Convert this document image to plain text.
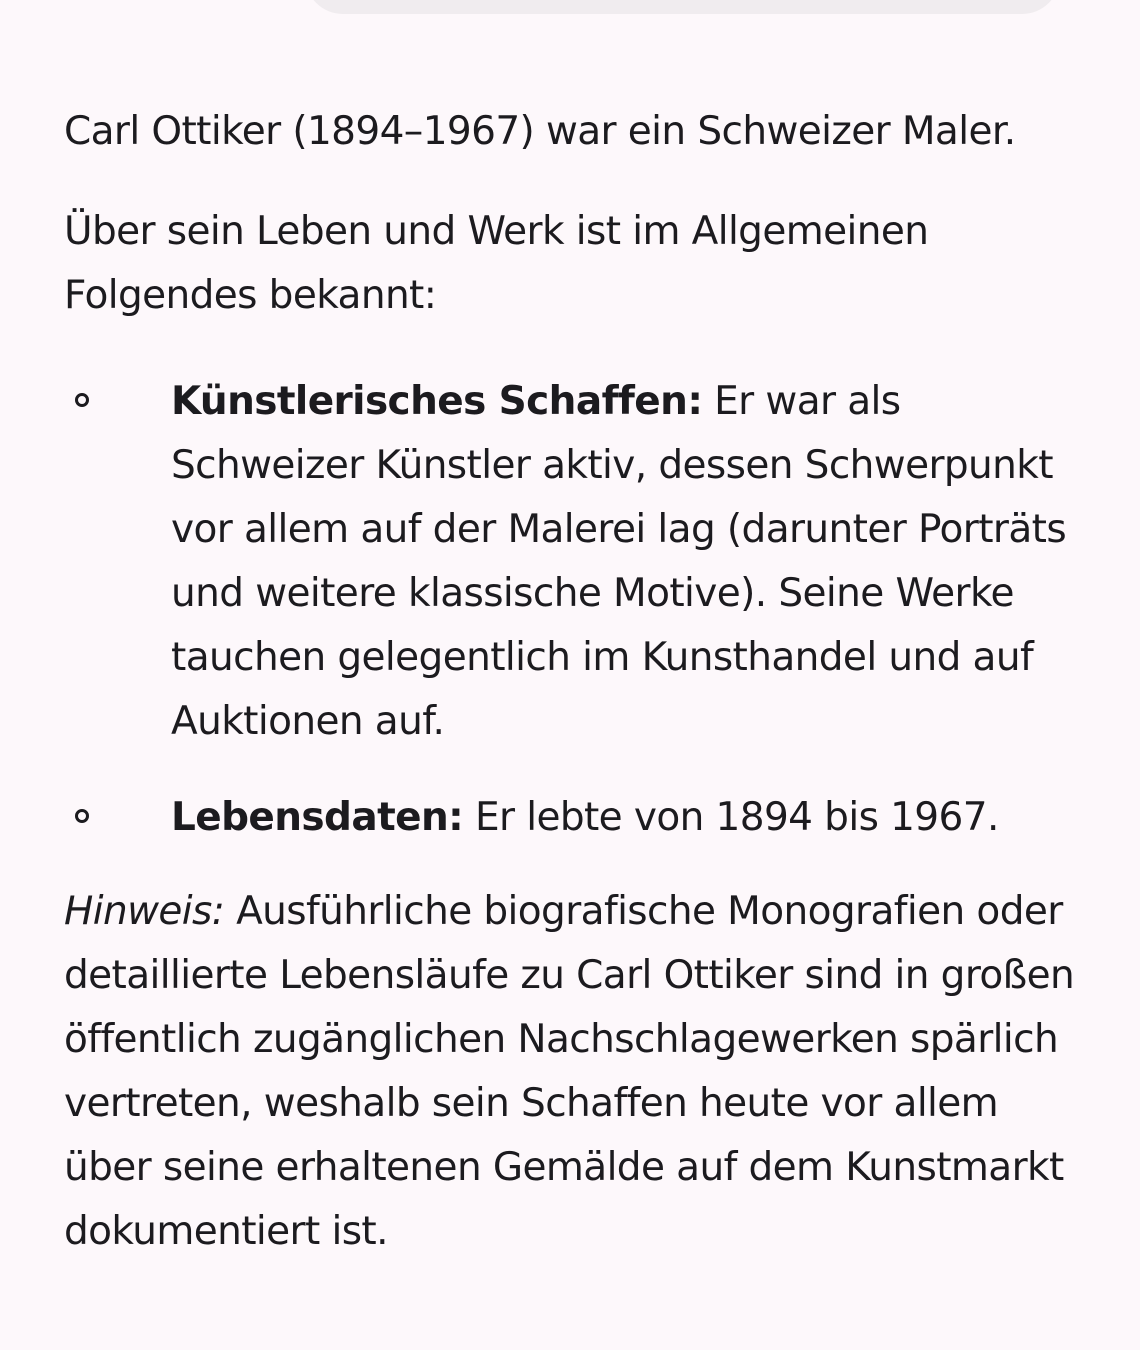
Carl Ottiker (1894–1967) war ein Schweizer Maler.

Über sein Leben und Werk ist im Allgemeinen Folgendes bekannt:

Künstlerisches Schaffen: Er war als Schweizer Künstler aktiv, dessen Schwerpunkt vor allem auf der Malerei lag (darunter Porträts und weitere klassische Motive). Seine Werke tauchen gelegentlich im Kunsthandel und auf Auktionen auf.
Lebensdaten: Er lebte von 1894 bis 1967.

Hinweis: Ausführliche biografische Monografien oder detaillierte Lebensläufe zu Carl Ottiker sind in großen öffentlich zugänglichen Nachschlagewerken spärlich vertreten, weshalb sein Schaffen heute vor allem über seine erhaltenen Gemälde auf dem Kunstmarkt dokumentiert ist.
